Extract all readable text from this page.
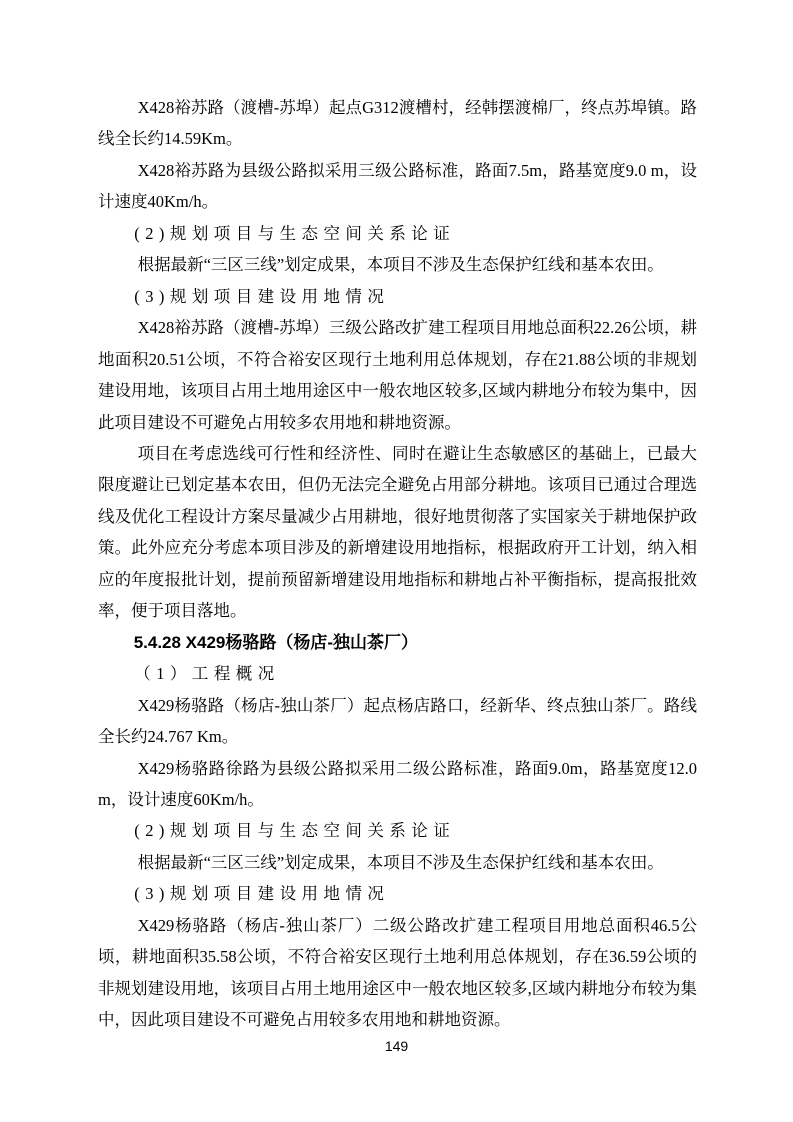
X428裕苏路（渡槽-苏埠）起点G312渡槽村，经韩摆渡棉厂，终点苏埠镇。路线全长约14.59Km。

X428裕苏路为县级公路拟采用三级公路标准，路面7.5m，路基宽度9.0 m，设计速度40Km/h。

(2)规划项目与生态空间关系论证

根据最新“三区三线”划定成果，本项目不涉及生态保护红线和基本农田。

(3)规划项目建设用地情况

X428裕苏路（渡槽-苏埠）三级公路改扩建工程项目用地总面积22.26公顷，耕地面积20.51公顷，不符合裕安区现行土地利用总体规划，存在21.88公顷的非规划建设用地，该项目占用土地用途区中一般农地区较多,区域内耕地分布较为集中，因此项目建设不可避免占用较多农用地和耕地资源。

项目在考虑选线可行性和经济性、同时在避让生态敏感区的基础上，已最大限度避让已划定基本农田，但仍无法完全避免占用部分耕地。该项目已通过合理选线及优化工程设计方案尽量减少占用耕地，很好地贯彻落了实国家关于耕地保护政策。此外应充分考虑本项目涉及的新增建设用地指标，根据政府开工计划，纳入相应的年度报批计划，提前预留新增建设用地指标和耕地占补平衡指标，提高报批效率，便于项目落地。

5.4.28 X429杨骆路（杨店-独山茶厂）

（1）工程概况

X429杨骆路（杨店-独山茶厂）起点杨店路口，经新华、终点独山茶厂。路线全长约24.767 Km。

X429杨骆路徐路为县级公路拟采用二级公路标准，路面9.0m，路基宽度12.0m，设计速度60Km/h。

(2)规划项目与生态空间关系论证

根据最新“三区三线”划定成果，本项目不涉及生态保护红线和基本农田。

(3)规划项目建设用地情况

X429杨骆路（杨店-独山茶厂）二级公路改扩建工程项目用地总面积46.5公顷，耕地面积35.58公顷，不符合裕安区现行土地利用总体规划，存在36.59公顷的非规划建设用地，该项目占用土地用途区中一般农地区较多,区域内耕地分布较为集中，因此项目建设不可避免占用较多农用地和耕地资源。

149
